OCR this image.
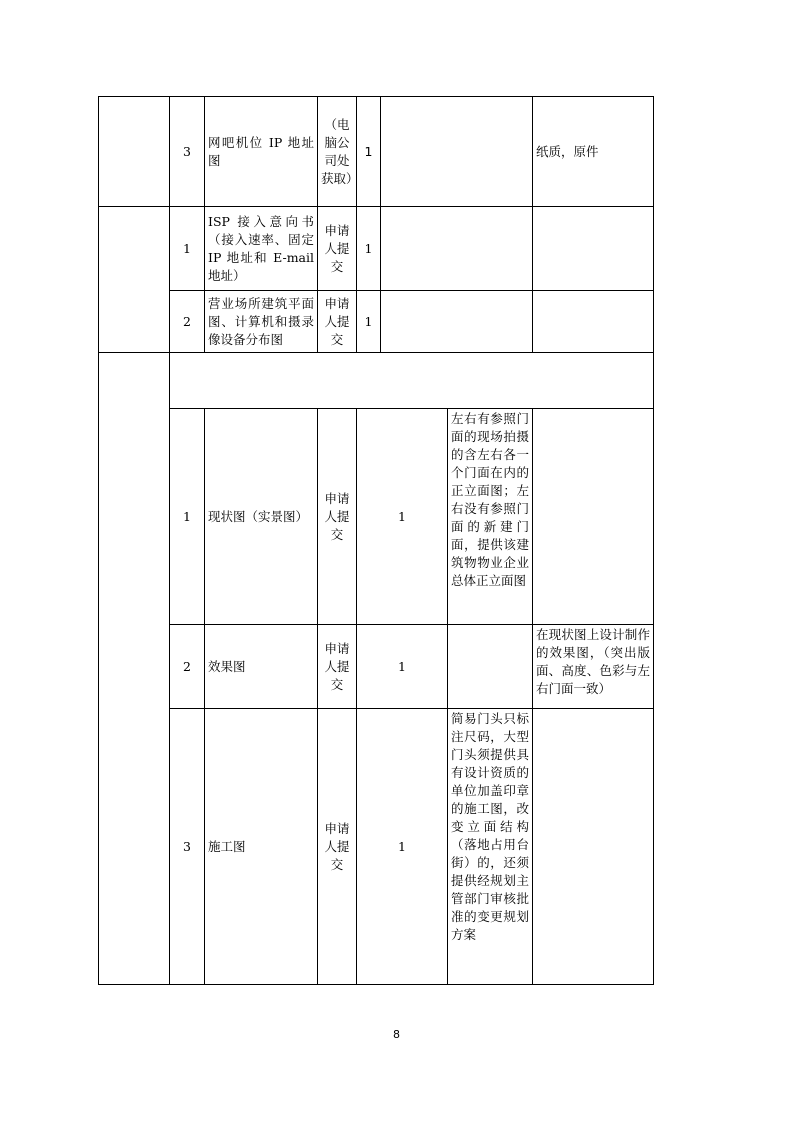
	3	网吧机位 IP 地址图	（电脑公司处获取）	1			纸质，原件
	1	ISP 接入意向书（接入速率、固定 IP 地址和 E-mail 地址）	申请人提交	1			
	2	营业场所建筑平面图、计算机和摄录像设备分布图	申请人提交	1			

	1	现状图（实景图）	申请人提交	1		左右有参照门面的现场拍摄的含左右各一个门面在内的正立面图；左右没有参照门面的新建门面，提供该建筑物物业企业总体正立面图	
	2	效果图	申请人提交	1			在现状图上设计制作的效果图，（突出版面、高度、色彩与左右门面一致）
	3	施工图	申请人提交	1		简易门头只标注尺码，大型门头须提供具有设计资质的单位加盖印章的施工图，改变立面结构（落地占用台街）的，还须提供经规划主管部门审核批准的变更规划方案	
8
